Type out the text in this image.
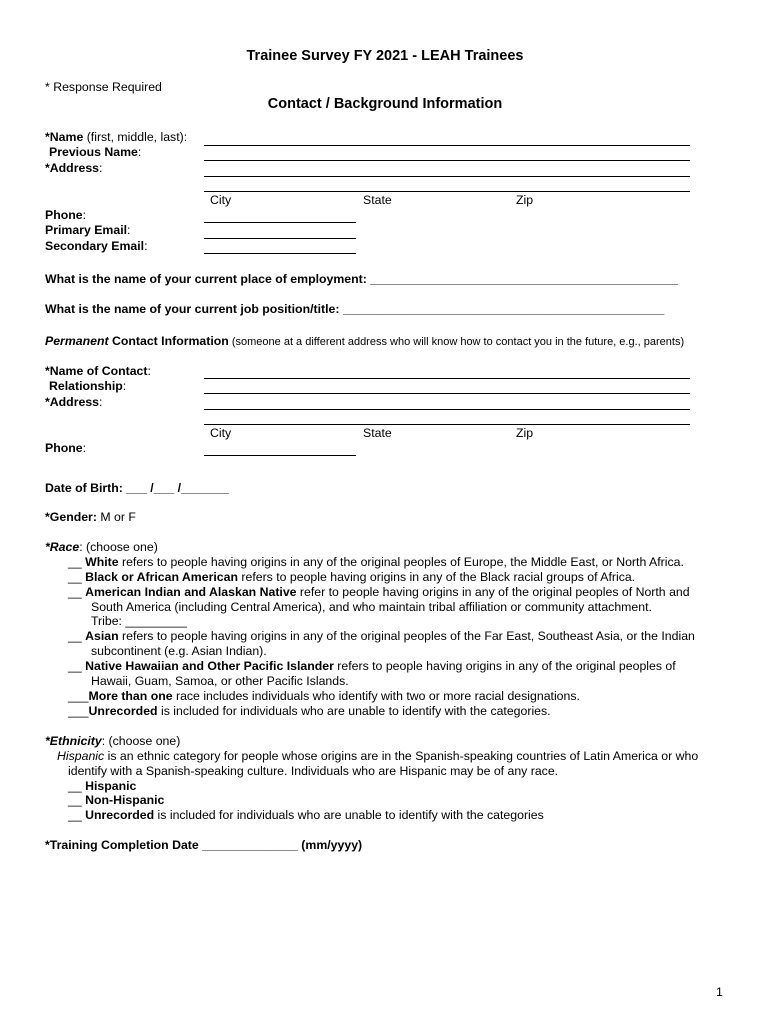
Trainee Survey FY 2021 - LEAH Trainees
* Response Required
Contact / Background Information
*Name (first, middle, last):
Previous Name:
*Address:
City	State	Zip
Phone:
Primary Email:
Secondary Email:
What is the name of your current place of employment: _____________________________________________
What is the name of your current job position/title: _______________________________________________
Permanent Contact Information (someone at a different address who will know how to contact you in the future, e.g., parents)
*Name of Contact:
Relationship:
*Address:
City	State	Zip
Phone:
Date of Birth: ___ /___ /_______
*Gender: M or F
*Race: (choose one)
__ White refers to people having origins in any of the original peoples of Europe, the Middle East, or North Africa.
__ Black or African American refers to people having origins in any of the Black racial groups of Africa.
__ American Indian and Alaskan Native refer to people having origins in any of the original peoples of North and
South America (including Central America), and who maintain tribal affiliation or community attachment.
Tribe: _________
__ Asian refers to people having origins in any of the original peoples of the Far East, Southeast Asia, or the Indian
subcontinent (e.g. Asian Indian).
__ Native Hawaiian and Other Pacific Islander refers to people having origins in any of the original peoples of
Hawaii, Guam, Samoa, or other Pacific Islands.
___More than one race includes individuals who identify with two or more racial designations.
___Unrecorded is included for individuals who are unable to identify with the categories.
*Ethnicity: (choose one)
Hispanic is an ethnic category for people whose origins are in the Spanish-speaking countries of Latin America or who
identify with a Spanish-speaking culture. Individuals who are Hispanic may be of any race.
__ Hispanic
__ Non-Hispanic
__ Unrecorded is included for individuals who are unable to identify with the categories
*Training Completion Date ______________ (mm/yyyy)
1
